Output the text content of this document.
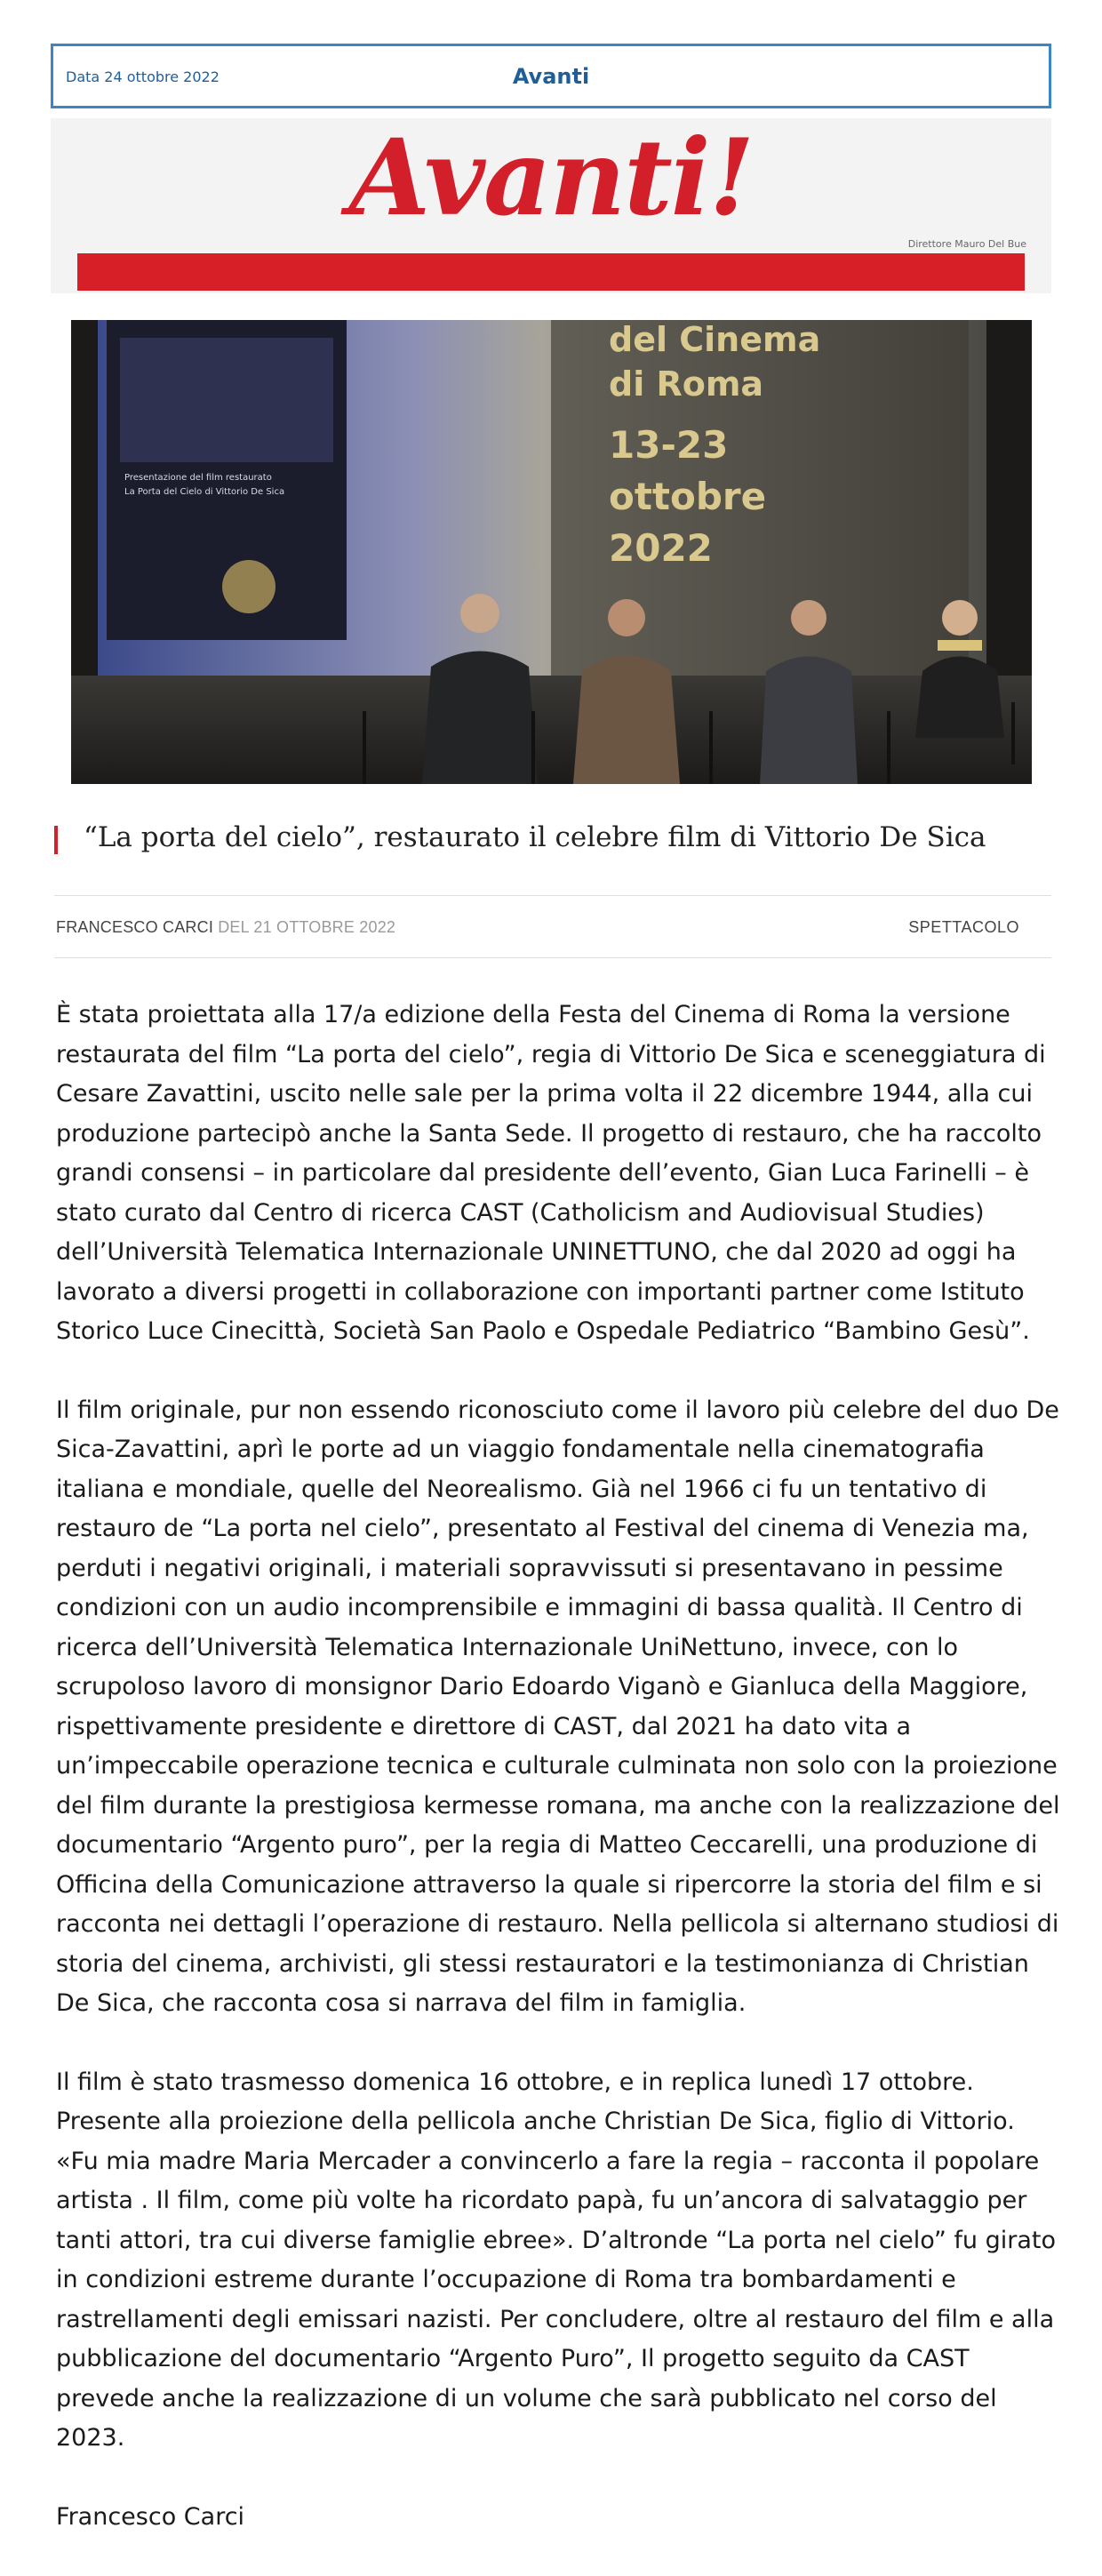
Data 24 ottobre 2022	Avanti
Avanti!
Direttore Mauro Del Bue
Presentazione del film restaurato
La Porta del Cielo di Vittorio De Sica
del Cinema
di Roma
13-23
ottobre
2022
“La porta del cielo”, restaurato il celebre film di Vittorio De Sica
FRANCESCO CARCI DEL 21 OTTOBRE 2022	SPETTACOLO

È stata proiettata alla 17/a edizione della Festa del Cinema di Roma la versione restaurata del film “La porta del cielo”, regia di Vittorio De Sica e sceneggiatura di Cesare Zavattini, uscito nelle sale per la prima volta il 22 dicembre 1944, alla cui produzione partecipò anche la Santa Sede. Il progetto di restauro, che ha raccolto grandi consensi – in particolare dal presidente dell’evento, Gian Luca Farinelli – è stato curato dal Centro di ricerca CAST (Catholicism and Audiovisual Studies) dell’Università Telematica Internazionale UNINETTUNO, che dal 2020 ad oggi ha lavorato a diversi progetti in collaborazione con importanti partner come Istituto Storico Luce Cinecittà, Società San Paolo e Ospedale Pediatrico “Bambino Gesù”.

Il film originale, pur non essendo riconosciuto come il lavoro più celebre del duo De Sica-Zavattini, aprì le porte ad un viaggio fondamentale nella cinematografia italiana e mondiale, quelle del Neorealismo. Già nel 1966 ci fu un tentativo di restauro de “La porta nel cielo”, presentato al Festival del cinema di Venezia ma, perduti i negativi originali, i materiali sopravvissuti si presentavano in pessime condizioni con un audio incomprensibile e immagini di bassa qualità. Il Centro di ricerca dell’Università Telematica Internazionale UniNettuno, invece, con lo scrupoloso lavoro di monsignor Dario Edoardo Viganò e Gianluca della Maggiore, rispettivamente presidente e direttore di CAST, dal 2021 ha dato vita a un’impeccabile operazione tecnica e culturale culminata non solo con la proiezione del film durante la prestigiosa kermesse romana, ma anche con la realizzazione del documentario “Argento puro”, per la regia di Matteo Ceccarelli, una produzione di Officina della Comunicazione attraverso la quale si ripercorre la storia del film e si racconta nei dettagli l’operazione di restauro. Nella pellicola si alternano studiosi di storia del cinema, archivisti, gli stessi restauratori e la testimonianza di Christian De Sica, che racconta cosa si narrava del film in famiglia.

Il film è stato trasmesso domenica 16 ottobre, e in replica lunedì 17 ottobre. Presente alla proiezione della pellicola anche Christian De Sica, figlio di Vittorio. «Fu mia madre Maria Mercader a convincerlo a fare la regia – racconta il popolare artista . Il film, come più volte ha ricordato papà, fu un’ancora di salvataggio per tanti attori, tra cui diverse famiglie ebree». D’altronde “La porta nel cielo” fu girato in condizioni estreme durante l’occupazione di Roma tra bombardamenti e rastrellamenti degli emissari nazisti. Per concludere, oltre al restauro del film e alla pubblicazione del documentario “Argento Puro”, Il progetto seguito da CAST prevede anche la realizzazione di un volume che sarà pubblicato nel corso del 2023.

Francesco Carci
